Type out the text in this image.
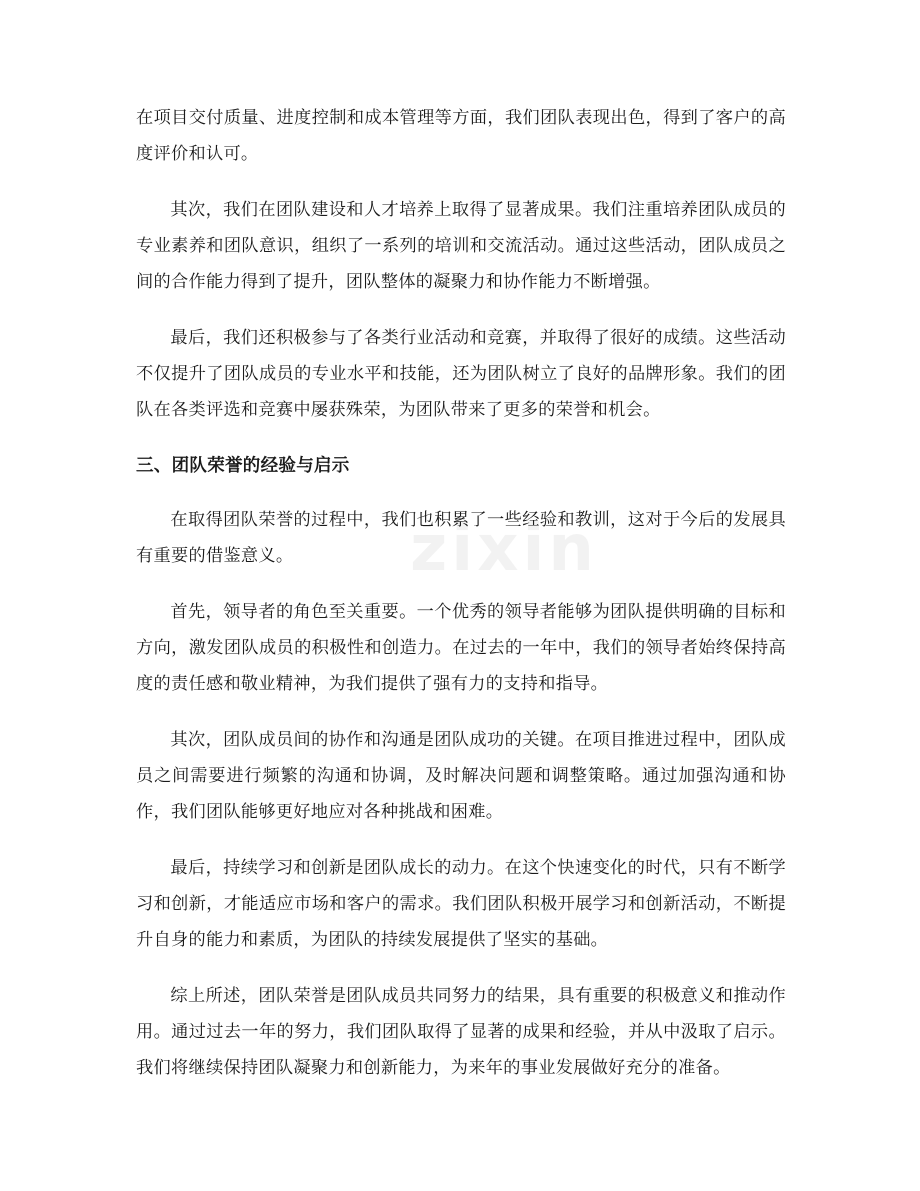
zixin

在项目交付质量、进度控制和成本管理等方面，我们团队表现出色，得到了客户的高度评价和认可。

其次，我们在团队建设和人才培养上取得了显著成果。我们注重培养团队成员的专业素养和团队意识，组织了一系列的培训和交流活动。通过这些活动，团队成员之间的合作能力得到了提升，团队整体的凝聚力和协作能力不断增强。

最后，我们还积极参与了各类行业活动和竞赛，并取得了很好的成绩。这些活动不仅提升了团队成员的专业水平和技能，还为团队树立了良好的品牌形象。我们的团队在各类评选和竞赛中屡获殊荣，为团队带来了更多的荣誉和机会。

三、团队荣誉的经验与启示

在取得团队荣誉的过程中，我们也积累了一些经验和教训，这对于今后的发展具有重要的借鉴意义。

首先，领导者的角色至关重要。一个优秀的领导者能够为团队提供明确的目标和方向，激发团队成员的积极性和创造力。在过去的一年中，我们的领导者始终保持高度的责任感和敬业精神，为我们提供了强有力的支持和指导。

其次，团队成员间的协作和沟通是团队成功的关键。在项目推进过程中，团队成员之间需要进行频繁的沟通和协调，及时解决问题和调整策略。通过加强沟通和协作，我们团队能够更好地应对各种挑战和困难。

最后，持续学习和创新是团队成长的动力。在这个快速变化的时代，只有不断学习和创新，才能适应市场和客户的需求。我们团队积极开展学习和创新活动，不断提升自身的能力和素质，为团队的持续发展提供了坚实的基础。

综上所述，团队荣誉是团队成员共同努力的结果，具有重要的积极意义和推动作用。通过过去一年的努力，我们团队取得了显著的成果和经验，并从中汲取了启示。我们将继续保持团队凝聚力和创新能力，为来年的事业发展做好充分的准备。
